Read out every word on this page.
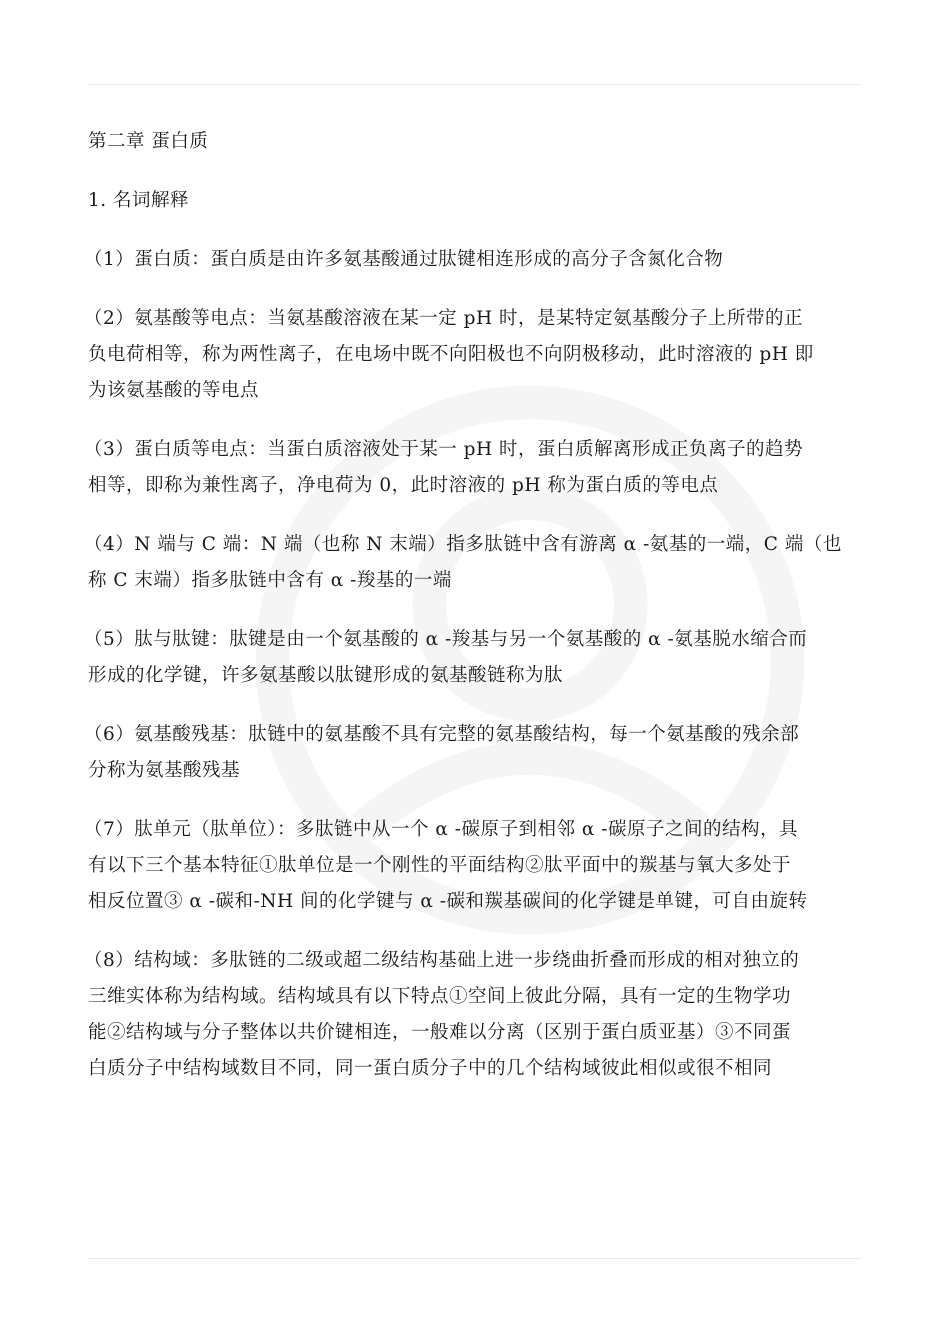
第二章 蛋白质
1. 名词解释
（1）蛋白质：蛋白质是由许多氨基酸通过肽键相连形成的高分子含氮化合物
（2）氨基酸等电点：当氨基酸溶液在某一定 pH 时，是某特定氨基酸分子上所带的正
负电荷相等，称为两性离子，在电场中既不向阳极也不向阴极移动，此时溶液的 pH 即
为该氨基酸的等电点
（3）蛋白质等电点：当蛋白质溶液处于某一 pH 时，蛋白质解离形成正负离子的趋势
相等，即称为兼性离子，净电荷为 0，此时溶液的 pH 称为蛋白质的等电点
（4）N 端与 C 端：N 端（也称 N 末端）指多肽链中含有游离 α -氨基的一端，C 端（也
称 C 末端）指多肽链中含有 α -羧基的一端
（5）肽与肽键：肽键是由一个氨基酸的 α -羧基与另一个氨基酸的 α -氨基脱水缩合而
形成的化学键，许多氨基酸以肽键形成的氨基酸链称为肽
（6）氨基酸残基：肽链中的氨基酸不具有完整的氨基酸结构，每一个氨基酸的残余部
分称为氨基酸残基
（7）肽单元（肽单位）：多肽链中从一个 α -碳原子到相邻 α -碳原子之间的结构，具
有以下三个基本特征①肽单位是一个刚性的平面结构②肽平面中的羰基与氧大多处于
相反位置③ α -碳和-NH 间的化学键与 α -碳和羰基碳间的化学键是单键，可自由旋转
（8）结构域：多肽链的二级或超二级结构基础上进一步绕曲折叠而形成的相对独立的
三维实体称为结构域。结构域具有以下特点①空间上彼此分隔，具有一定的生物学功
能②结构域与分子整体以共价键相连，一般难以分离（区别于蛋白质亚基）③不同蛋
白质分子中结构域数目不同，同一蛋白质分子中的几个结构域彼此相似或很不相同
